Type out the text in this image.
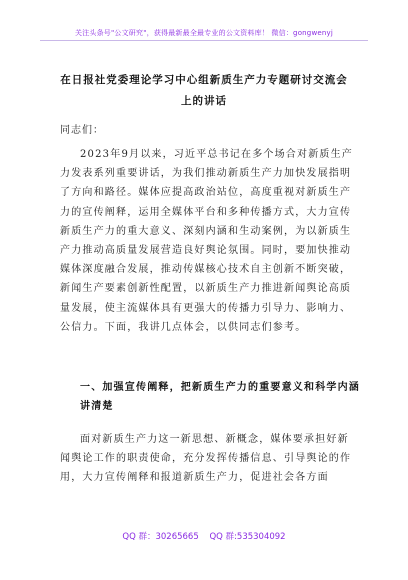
关注头条号"公文研究"，获得最新最全最专业的公文资料库！ 微信：gongwenyj
在日报社党委理论学习中心组新质生产力专题研讨交流会
上的讲话
同志们：
2023年9月以来，习近平总书记在多个场合对新质生产力发表系列重要讲话，为我们推动新质生产力加快发展指明了方向和路径。媒体应提高政治站位，高度重视对新质生产力的宣传阐释，运用全媒体平台和多种传播方式，大力宣传新质生产力的重大意义、深刻内涵和生动案例，为以新质生产力推动高质量发展营造良好舆论氛围。同时，要加快推动媒体深度融合发展，推动传媒核心技术自主创新不断突破，新闻生产要素创新性配置，以新质生产力推进新闻舆论高质量发展，使主流媒体具有更强大的传播力引导力、影响力、公信力。下面，我讲几点体会，以供同志们参考。
一、加强宣传阐释，把新质生产力的重要意义和科学内涵讲清楚
面对新质生产力这一新思想、新概念，媒体要承担好新闻舆论工作的职责使命，充分发挥传播信息、引导舆论的作用，大力宣传阐释和报道新质生产力，促进社会各方面
QQ 群：30265665 QQ 群:535304092
